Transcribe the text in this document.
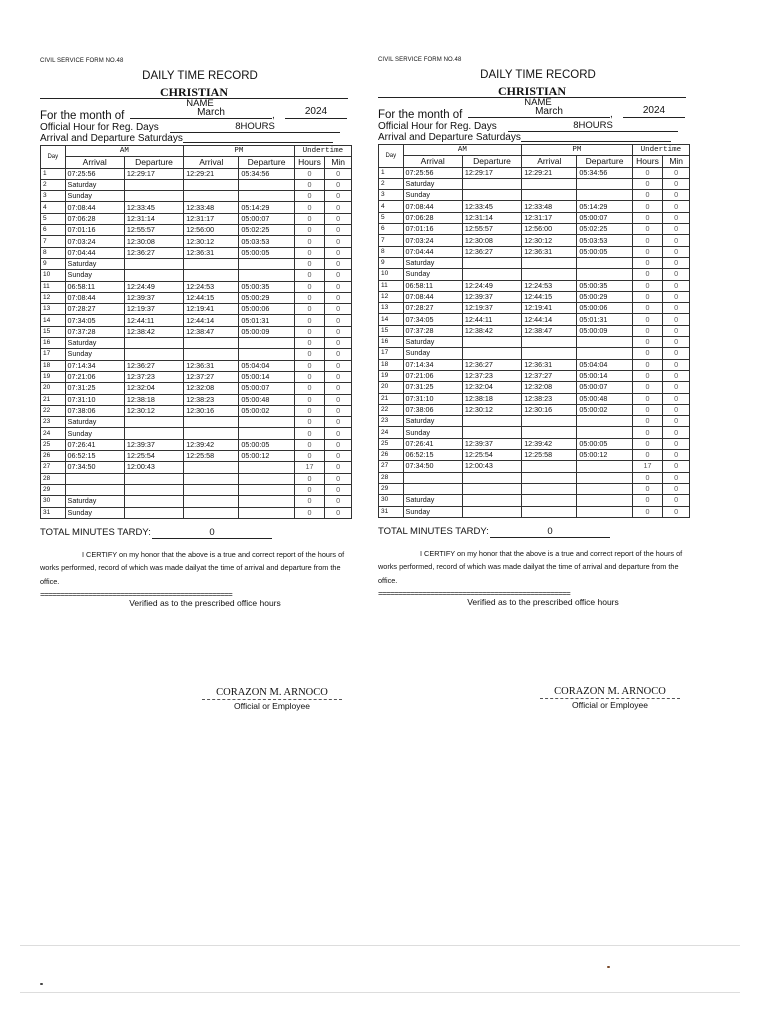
CIVIL SERVICE FORM NO.48
DAILY TIME RECORD
CHRISTIAN
NAME
For the month of	March	,	2024
Official Hour for Reg. Days	8HOURS
Arrival and Departure Saturdays
Day	AM		PM		Undertime	
	Arrival	Departure	Arrival	Departure	Hours	Min
1	07:25:56	12:29:17	12:29:21	05:34:56	0	0
2	Saturday				0	0
3	Sunday				0	0
4	07:08:44	12:33:45	12:33:48	05:14:29	0	0
5	07:06:28	12:31:14	12:31:17	05:00:07	0	0
6	07:01:16	12:55:57	12:56:00	05:02:25	0	0
7	07:03:24	12:30:08	12:30:12	05:03:53	0	0
8	07:04:44	12:36:27	12:36:31	05:00:05	0	0
9	Saturday				0	0
10	Sunday				0	0
11	06:58:11	12:24:49	12:24:53	05:00:35	0	0
12	07:08:44	12:39:37	12:44:15	05:00:29	0	0
13	07:28:27	12:19:37	12:19:41	05:00:06	0	0
14	07:34:05	12:44:11	12:44:14	05:01:31	0	0
15	07:37:28	12:38:42	12:38:47	05:00:09	0	0
16	Saturday				0	0
17	Sunday				0	0
18	07:14:34	12:36:27	12:36:31	05:04:04	0	0
19	07:21:06	12:37:23	12:37:27	05:00:14	0	0
20	07:31:25	12:32:04	12:32:08	05:00:07	0	0
21	07:31:10	12:38:18	12:38:23	05:00:48	0	0
22	07:38:06	12:30:12	12:30:16	05:00:02	0	0
23	Saturday				0	0
24	Sunday				0	0
25	07:26:41	12:39:37	12:39:42	05:00:05	0	0
26	06:52:15	12:25:54	12:25:58	05:00:12	0	0
27	07:34:50	12:00:43			17	0
28					0	0
29					0	0
30	Saturday				0	0
31	Sunday				0	0
TOTAL MINUTES TARDY:	0
I CERTIFY on my honor that the above is a true and correct report of the hours of works performed, record of which was made dailyat the time of arrival and departure from the office.
================================================
Verified as to the prescribed office hours
CORAZON M. ARNOCO
Official or Employee
CIVIL SERVICE FORM NO.48
DAILY TIME RECORD
CHRISTIAN
NAME
For the month of	March	,	2024
Official Hour for Reg. Days	8HOURS
Arrival and Departure Saturdays
Day	AM		PM		Undertime	
	Arrival	Departure	Arrival	Departure	Hours	Min
1	07:25:56	12:29:17	12:29:21	05:34:56	0	0
2	Saturday				0	0
3	Sunday				0	0
4	07:08:44	12:33:45	12:33:48	05:14:29	0	0
5	07:06:28	12:31:14	12:31:17	05:00:07	0	0
6	07:01:16	12:55:57	12:56:00	05:02:25	0	0
7	07:03:24	12:30:08	12:30:12	05:03:53	0	0
8	07:04:44	12:36:27	12:36:31	05:00:05	0	0
9	Saturday				0	0
10	Sunday				0	0
11	06:58:11	12:24:49	12:24:53	05:00:35	0	0
12	07:08:44	12:39:37	12:44:15	05:00:29	0	0
13	07:28:27	12:19:37	12:19:41	05:00:06	0	0
14	07:34:05	12:44:11	12:44:14	05:01:31	0	0
15	07:37:28	12:38:42	12:38:47	05:00:09	0	0
16	Saturday				0	0
17	Sunday				0	0
18	07:14:34	12:36:27	12:36:31	05:04:04	0	0
19	07:21:06	12:37:23	12:37:27	05:00:14	0	0
20	07:31:25	12:32:04	12:32:08	05:00:07	0	0
21	07:31:10	12:38:18	12:38:23	05:00:48	0	0
22	07:38:06	12:30:12	12:30:16	05:00:02	0	0
23	Saturday				0	0
24	Sunday				0	0
25	07:26:41	12:39:37	12:39:42	05:00:05	0	0
26	06:52:15	12:25:54	12:25:58	05:00:12	0	0
27	07:34:50	12:00:43			17	0
28					0	0
29					0	0
30	Saturday				0	0
31	Sunday				0	0
TOTAL MINUTES TARDY:	0
I CERTIFY on my honor that the above is a true and correct report of the hours of works performed, record of which was made dailyat the time of arrival and departure from the office.
================================================
Verified as to the prescribed office hours
CORAZON M. ARNOCO
Official or Employee
